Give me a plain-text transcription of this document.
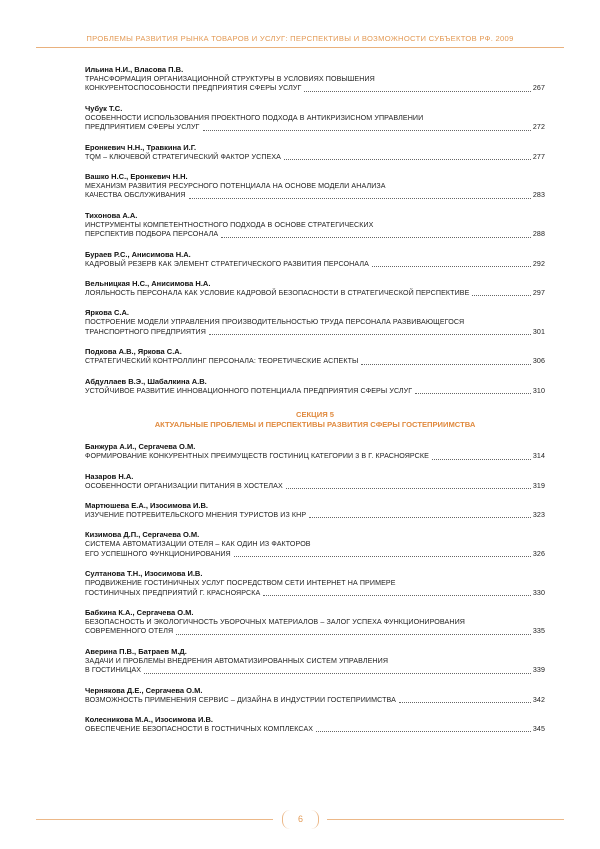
ПРОБЛЕМЫ РАЗВИТИЯ РЫНКА ТОВАРОВ И УСЛУГ: ПЕРСПЕКТИВЫ И ВОЗМОЖНОСТИ СУБЪЕКТОВ РФ. 2009
Ильина Н.И., Власова П.В.
ТРАНСФОРМАЦИЯ ОРГАНИЗАЦИОННОЙ СТРУКТУРЫ В УСЛОВИЯХ ПОВЫШЕНИЯ
КОНКУРЕНТОСПОСОБНОСТИ ПРЕДПРИЯТИЯ СФЕРЫ УСЛУГ	267
Чубук Т.С.
ОСОБЕННОСТИ ИСПОЛЬЗОВАНИЯ ПРОЕКТНОГО ПОДХОДА В АНТИКРИЗИСНОМ УПРАВЛЕНИИ
ПРЕДПРИЯТИЕМ СФЕРЫ УСЛУГ	272
Еронкевич Н.Н., Травкина И.Г.
TQM – КЛЮЧЕВОЙ СТРАТЕГИЧЕСКИЙ ФАКТОР УСПЕХА	277
Вашко Н.С., Еронкевич Н.Н.
МЕХАНИЗМ РАЗВИТИЯ РЕСУРСНОГО ПОТЕНЦИАЛА НА ОСНОВЕ МОДЕЛИ АНАЛИЗА
КАЧЕСТВА ОБСЛУЖИВАНИЯ	283
Тихонова А.А.
ИНСТРУМЕНТЫ КОМПЕТЕНТНОСТНОГО ПОДХОДА В ОСНОВЕ СТРАТЕГИЧЕСКИХ
ПЕРСПЕКТИВ ПОДБОРА ПЕРСОНАЛА	288
Бураев Р.С., Анисимова Н.А.
КАДРОВЫЙ РЕЗЕРВ КАК ЭЛЕМЕНТ СТРАТЕГИЧЕСКОГО РАЗВИТИЯ ПЕРСОНАЛА	292
Вельницкая Н.С., Анисимова Н.А.
ЛОЯЛЬНОСТЬ ПЕРСОНАЛА КАК УСЛОВИЕ КАДРОВОЙ БЕЗОПАСНОСТИ В СТРАТЕГИЧЕСКОЙ ПЕРСПЕКТИВЕ	297
Яркова С.А.
ПОСТРОЕНИЕ МОДЕЛИ УПРАВЛЕНИЯ ПРОИЗВОДИТЕЛЬНОСТЬЮ ТРУДА ПЕРСОНАЛА РАЗВИВАЮЩЕГОСЯ
ТРАНСПОРТНОГО ПРЕДПРИЯТИЯ	301
Подкова А.В., Яркова С.А.
СТРАТЕГИЧЕСКИЙ КОНТРОЛЛИНГ ПЕРСОНАЛА: ТЕОРЕТИЧЕСКИЕ АСПЕКТЫ	306
Абдуллаев В.Э., Шабалкина А.В.
УСТОЙЧИВОЕ РАЗВИТИЕ ИННОВАЦИОННОГО ПОТЕНЦИАЛА ПРЕДПРИЯТИЯ СФЕРЫ УСЛУГ	310
СЕКЦИЯ 5
АКТУАЛЬНЫЕ ПРОБЛЕМЫ И ПЕРСПЕКТИВЫ РАЗВИТИЯ СФЕРЫ ГОСТЕПРИИМСТВА
Банжура А.И., Сергачева О.М.
ФОРМИРОВАНИЕ КОНКУРЕНТНЫХ ПРЕИМУЩЕСТВ ГОСТИНИЦ КАТЕГОРИИ 3 В Г. КРАСНОЯРСКЕ	314
Назаров Н.А.
ОСОБЕННОСТИ ОРГАНИЗАЦИИ ПИТАНИЯ В ХОСТЕЛАХ	319
Мартюшева Е.А., Изосимова И.В.
ИЗУЧЕНИЕ ПОТРЕБИТЕЛЬСКОГО МНЕНИЯ ТУРИСТОВ ИЗ КНР	323
Кизимова Д.П., Сергачева О.М.
СИСТЕМА АВТОМАТИЗАЦИИ ОТЕЛЯ – КАК ОДИН ИЗ ФАКТОРОВ
ЕГО УСПЕШНОГО ФУНКЦИОНИРОВАНИЯ	326
Султанова Т.Н., Изосимова И.В.
ПРОДВИЖЕНИЕ ГОСТИНИЧНЫХ УСЛУГ ПОСРЕДСТВОМ СЕТИ ИНТЕРНЕТ НА ПРИМЕРЕ
ГОСТИНИЧНЫХ ПРЕДПРИЯТИЙ Г. КРАСНОЯРСКА	330
Бабкина К.А., Сергачева О.М.
БЕЗОПАСНОСТЬ И ЭКОЛОГИЧНОСТЬ УБОРОЧНЫХ МАТЕРИАЛОВ – ЗАЛОГ УСПЕХА ФУНКЦИОНИРОВАНИЯ
СОВРЕМЕННОГО ОТЕЛЯ	335
Аверина П.В., Батраев М.Д.
ЗАДАЧИ И ПРОБЛЕМЫ ВНЕДРЕНИЯ АВТОМАТИЗИРОВАННЫХ СИСТЕМ УПРАВЛЕНИЯ
В ГОСТИНИЦАХ	339
Чернякова Д.Е., Сергачева О.М.
ВОЗМОЖНОСТЬ ПРИМЕНЕНИЯ СЕРВИС – ДИЗАЙНА В ИНДУСТРИИ ГОСТЕПРИИМСТВА	342
Колесникова М.А., Изосимова И.В.
ОБЕСПЕЧЕНИЕ БЕЗОПАСНОСТИ В ГОСТНИЧНЫХ КОМПЛЕКСАХ	345
6
